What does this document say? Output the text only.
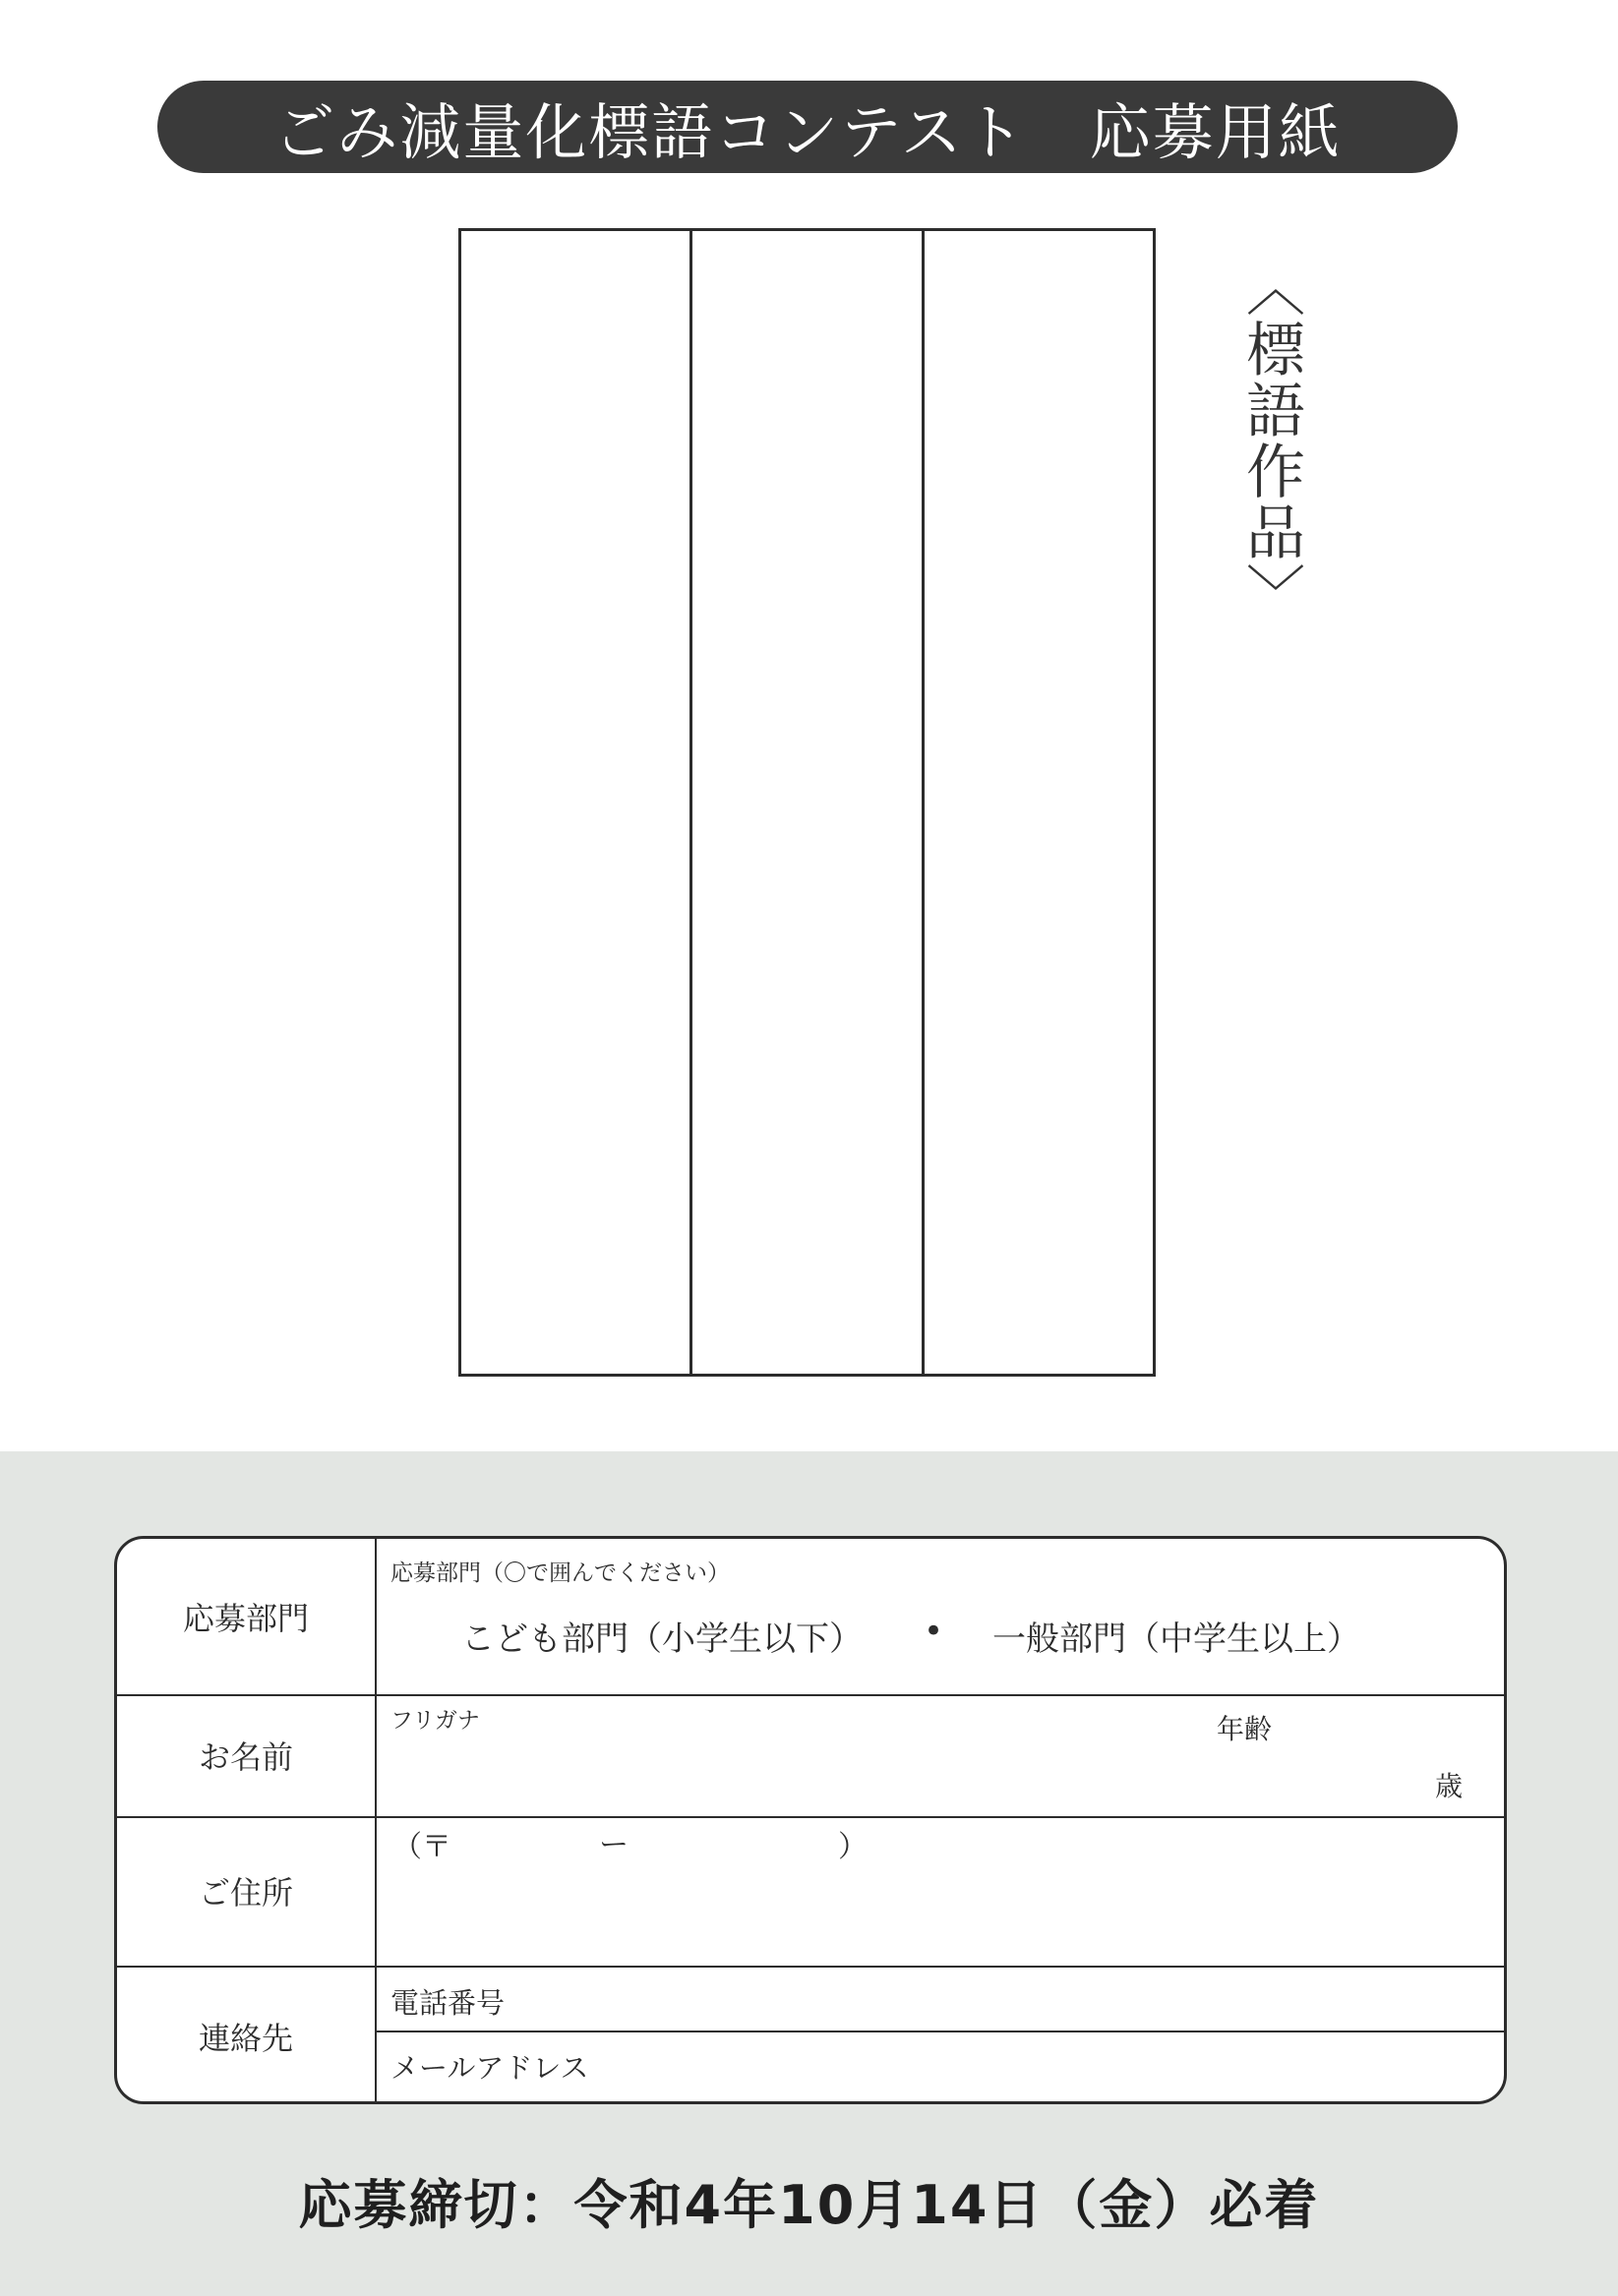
ごみ減量化標語コンテスト　応募用紙
〈標語作品〉
応募部門
応募部門（〇で囲んでください）
こども部門（小学生以下） • 一般部門（中学生以上）
お名前
フリガナ	年齢
歳
ご住所
（〒	ー	）
連絡先
電話番号
メールアドレス
応募締切：令和4年10月14日（金）必着
